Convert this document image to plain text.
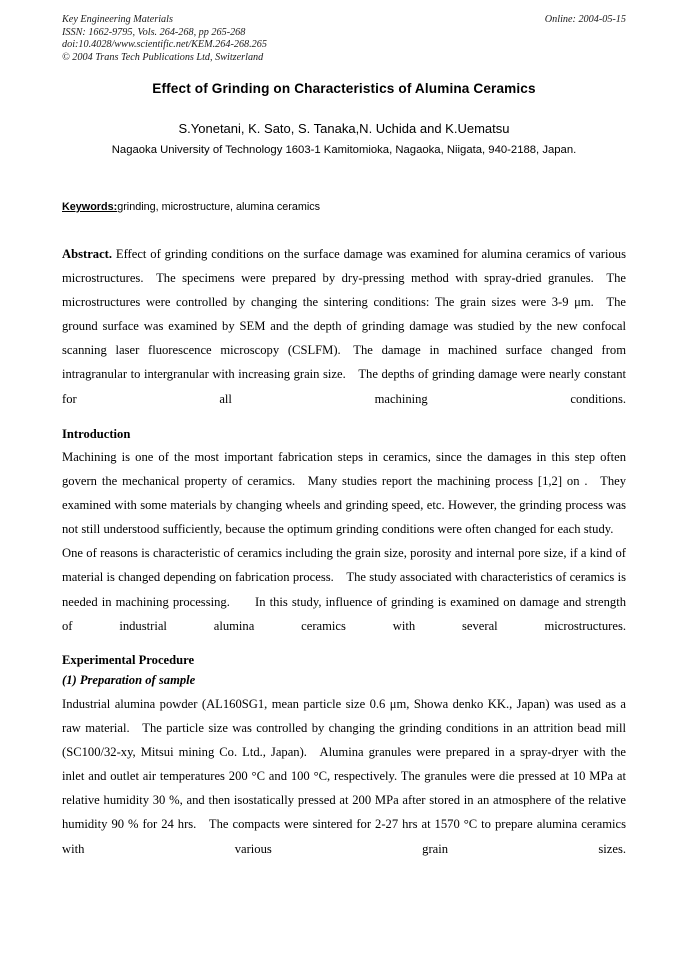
Key Engineering Materials	Online: 2004-05-15
ISSN: 1662-9795, Vols. 264-268, pp 265-268
doi:10.4028/www.scientific.net/KEM.264-268.265
© 2004 Trans Tech Publications Ltd, Switzerland
Effect of Grinding on Characteristics of Alumina Ceramics
S.Yonetani, K. Sato, S. Tanaka,N. Uchida and K.Uematsu
Nagaoka University of Technology 1603-1 Kamitomioka, Nagaoka, Niigata, 940-2188, Japan.
Keywords:grinding, microstructure, alumina ceramics
Abstract. Effect of grinding conditions on the surface damage was examined for alumina ceramics of various microstructures. The specimens were prepared by dry-pressing method with spray-dried granules. The microstructures were controlled by changing the sintering conditions: The grain sizes were 3-9 μm. The ground surface was examined by SEM and the depth of grinding damage was studied by the new confocal scanning laser fluorescence microscopy (CSLFM). The damage in machined surface changed from intragranular to intergranular with increasing grain size. The depths of grinding damage were nearly constant for all machining conditions.
Introduction
Machining is one of the most important fabrication steps in ceramics, since the damages in this step often govern the mechanical property of ceramics. Many studies report the machining process [1,2] on . They examined with some materials by changing wheels and grinding speed, etc. However, the grinding process was not still understood sufficiently, because the optimum grinding conditions were often changed for each study. One of reasons is characteristic of ceramics including the grain size, porosity and internal pore size, if a kind of material is changed depending on fabrication process. The study associated with characteristics of ceramics is needed in machining processing.  In this study, influence of grinding is examined on damage and strength of industrial alumina ceramics with several microstructures.
Experimental Procedure
(1) Preparation of sample
Industrial alumina powder (AL160SG1, mean particle size 0.6 μm, Showa denko KK., Japan) was used as a raw material. The particle size was controlled by changing the grinding conditions in an attrition bead mill (SC100/32-xy, Mitsui mining Co. Ltd., Japan). Alumina granules were prepared in a spray-dryer with the inlet and outlet air temperatures 200 °C and 100 °C, respectively. The granules were die pressed at 10 MPa at relative humidity 30 %, and then isostatically pressed at 200 MPa after stored in an atmosphere of the relative humidity 90 % for 24 hrs. The compacts were sintered for 2-27 hrs at 1570 °C to prepare alumina ceramics with various grain sizes.
